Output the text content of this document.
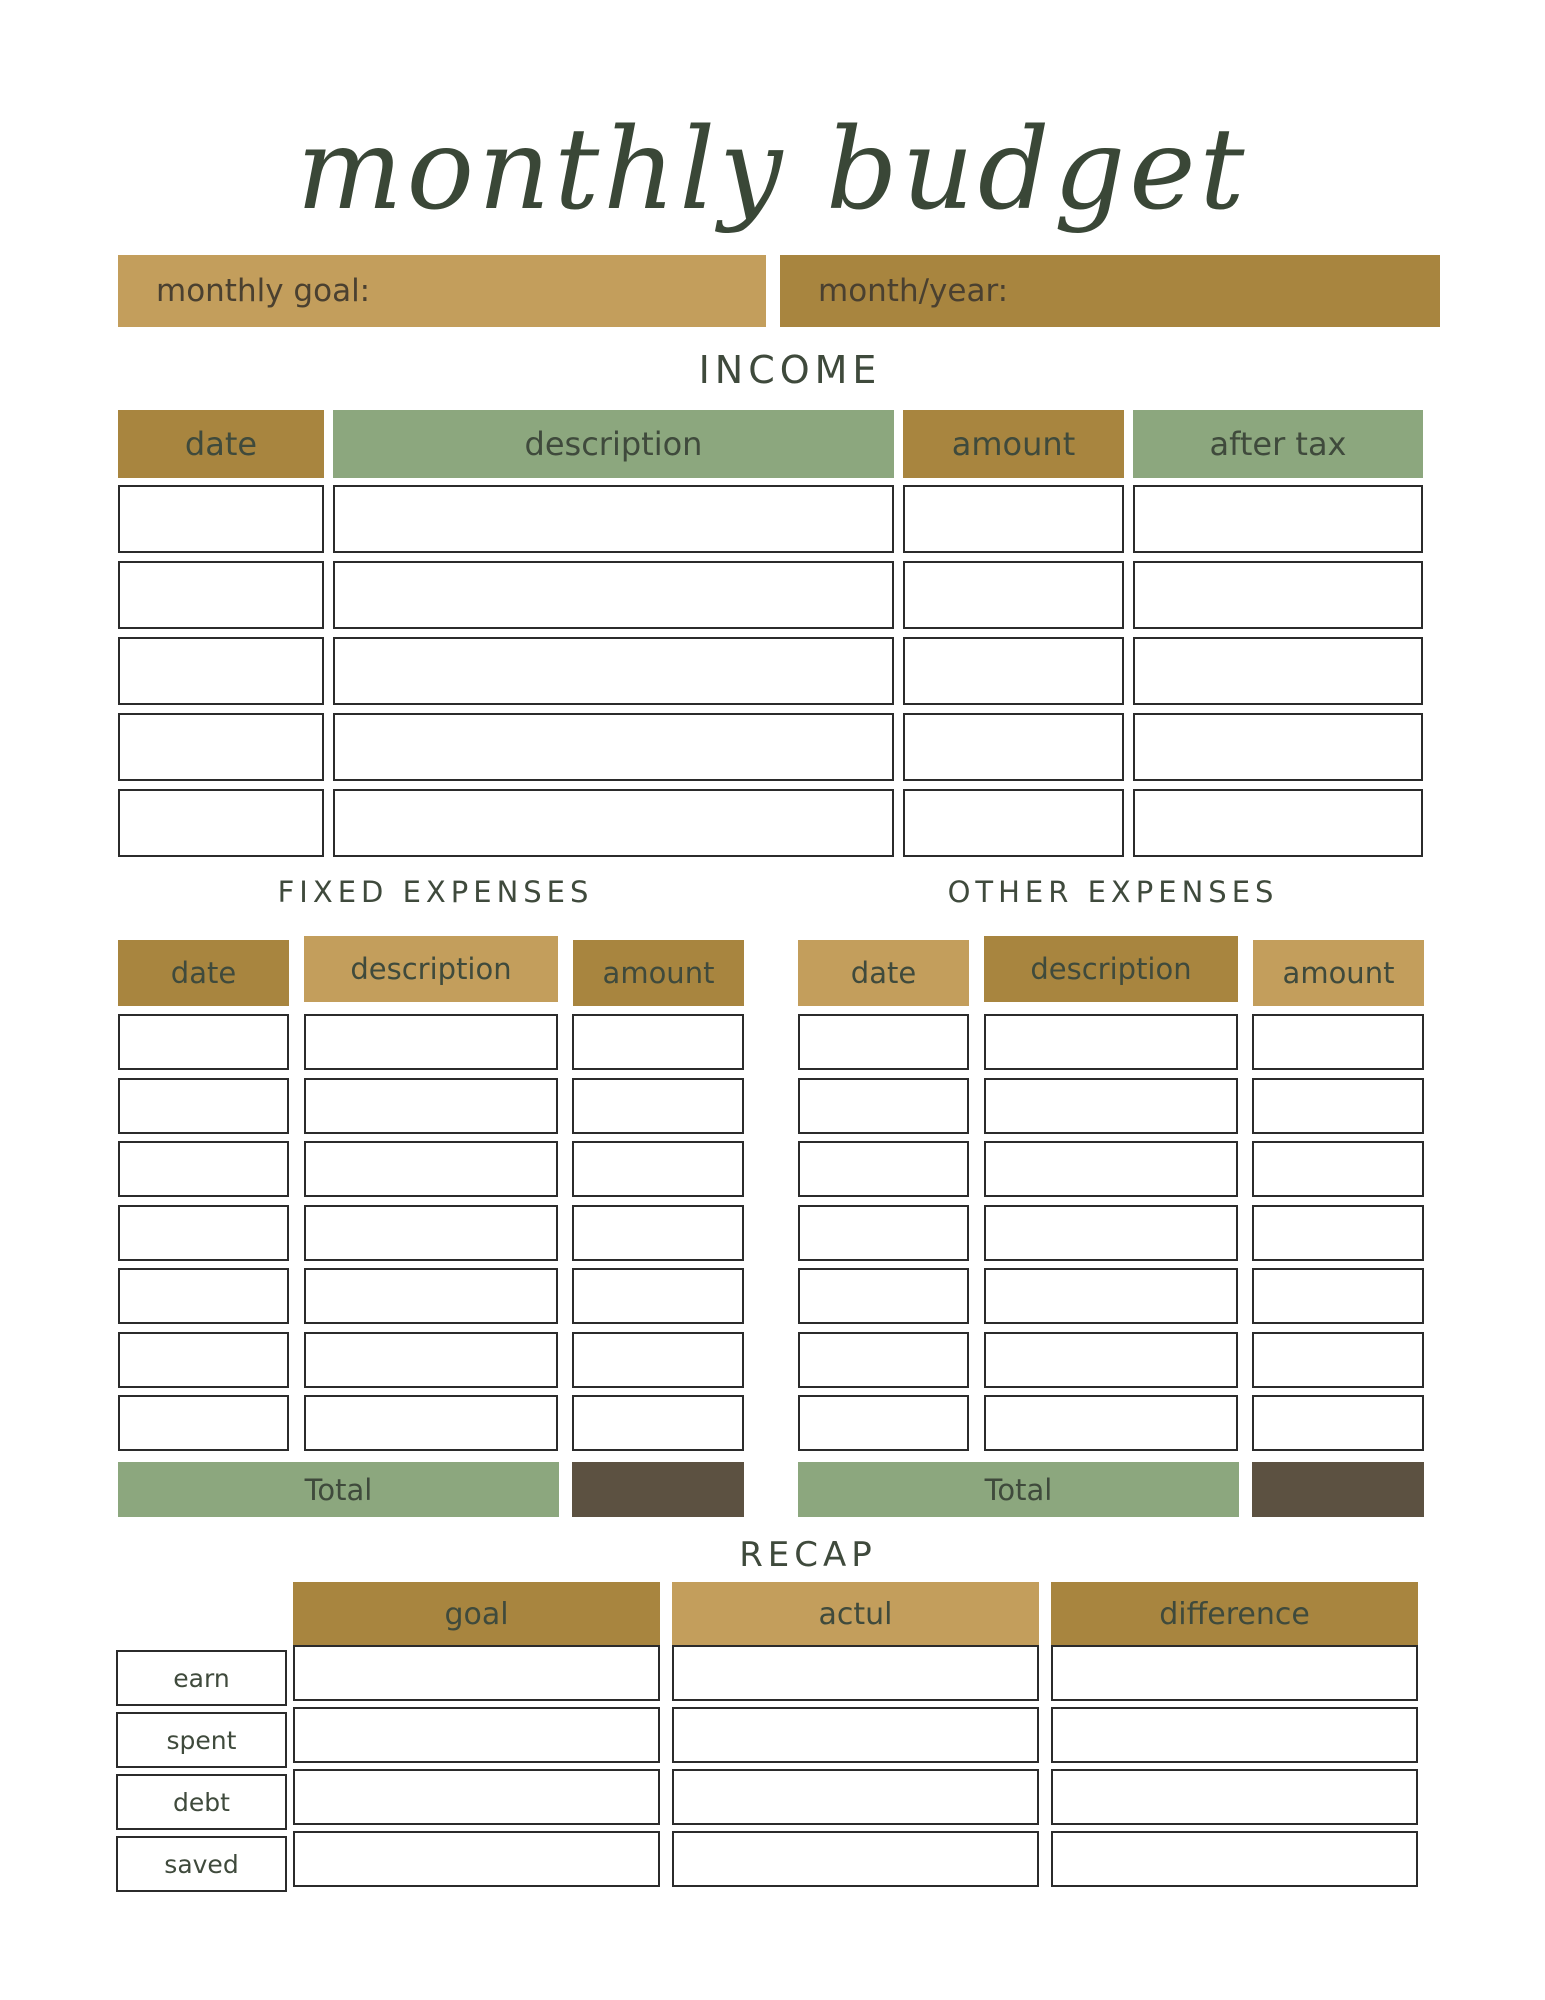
monthly budget
monthly goal:	month/year:
INCOME
date	description	amount	after tax
FIXED EXPENSES	OTHER EXPENSES
date	description	amount	date	description	amount
Total	Total
RECAP
goal	actul	difference
earn
spent
debt
saved
